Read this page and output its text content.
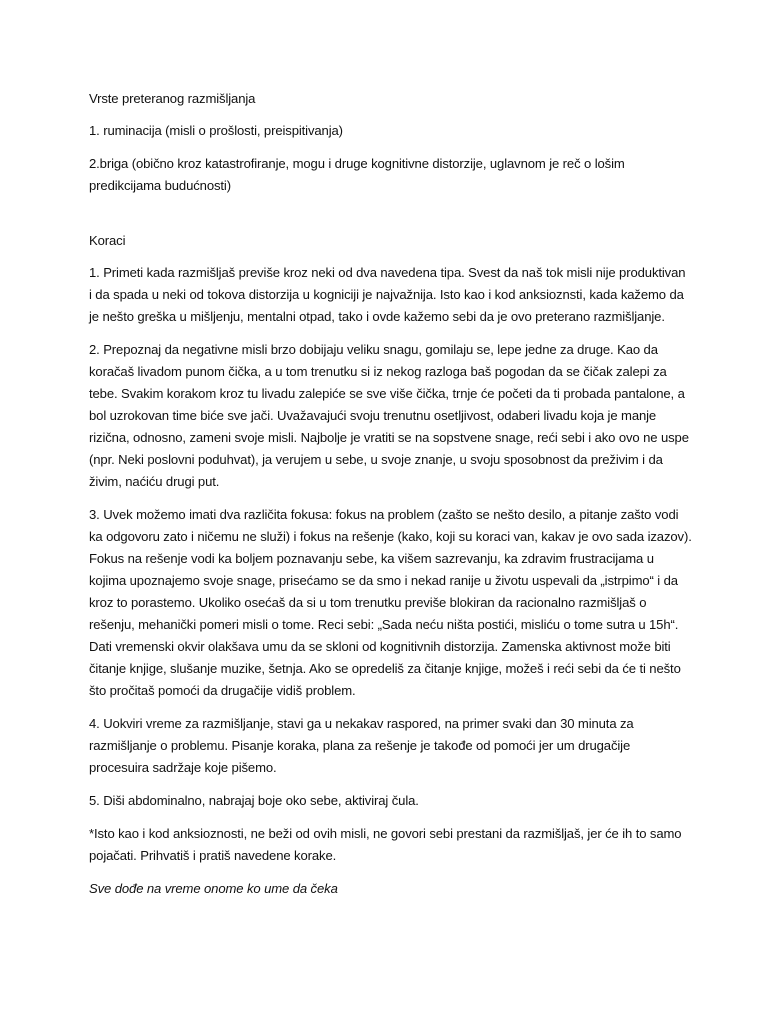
Vrste preteranog razmišljanja
1. ruminacija (misli o prošlosti, preispitivanja)
2.briga (obično kroz katastrofiranje, mogu i druge kognitivne distorzije, uglavnom je reč o lošim
predikcijama budućnosti)
Koraci
1. Primeti kada razmišljaš previše kroz neki od dva navedena tipa. Svest da naš tok misli nije produktivan
i da spada u neki od tokova distorzija u kogniciji je najvažnija. Isto kao i kod anksioznsti, kada kažemo da
je nešto greška u mišljenju, mentalni otpad, tako i ovde kažemo sebi da je ovo preterano razmišljanje.
2. Prepoznaj da negativne misli brzo dobijaju veliku snagu, gomilaju se, lepe jedne za druge. Kao da
koračaš livadom punom čička, a u tom trenutku si iz nekog razloga baš pogodan da se čičak zalepi za
tebe. Svakim korakom kroz tu livadu zalepiće se sve više čička, trnje će početi da ti probada pantalone, a
bol uzrokovan time biće sve jači. Uvažavajući svoju trenutnu osetljivost, odaberi livadu koja je manje
rizična, odnosno, zameni svoje misli. Najbolje je vratiti se na sopstvene snage, reći sebi i ako ovo ne uspe
(npr. Neki poslovni poduhvat), ja verujem u sebe, u svoje znanje, u svoju sposobnost da preživim i da
živim, naćiću drugi put.
3. Uvek možemo imati dva različita fokusa: fokus na problem (zašto se nešto desilo, a pitanje zašto vodi
ka odgovoru zato i ničemu ne služi) i fokus na rešenje (kako, koji su koraci van, kakav je ovo sada izazov).
Fokus na rešenje vodi ka boljem poznavanju sebe, ka višem sazrevanju, ka zdravim frustracijama u
kojima upoznajemo svoje snage, prisećamo se da smo i nekad ranije u životu uspevali da „istrpimo“ i da
kroz to porastemo. Ukoliko osećaš da si u tom trenutku previše blokiran da racionalno razmišljaš o
rešenju, mehanički pomeri misli o tome. Reci sebi: „Sada neću ništa postići, misliću o tome sutra u 15h“.
Dati vremenski okvir olakšava umu da se skloni od kognitivnih distorzija. Zamenska aktivnost može biti
čitanje knjige, slušanje muzike, šetnja. Ako se opredeliš za čitanje knjige, možeš i reći sebi da će ti nešto
što pročitaš pomoći da drugačije vidiš problem.
4. Uokviri vreme za razmišljanje, stavi ga u nekakav raspored, na primer svaki dan 30 minuta za
razmišljanje o problemu. Pisanje koraka, plana za rešenje je takođe od pomoći jer um drugačije
procesuira sadržaje koje pišemo.
5. Diši abdominalno, nabrajaj boje oko sebe, aktiviraj čula.
*Isto kao i kod anksioznosti, ne beži od ovih misli, ne govori sebi prestani da razmišljaš, jer će ih to samo
pojačati. Prihvatiš i pratiš navedene korake.
Sve dođe na vreme onome ko ume da čeka
